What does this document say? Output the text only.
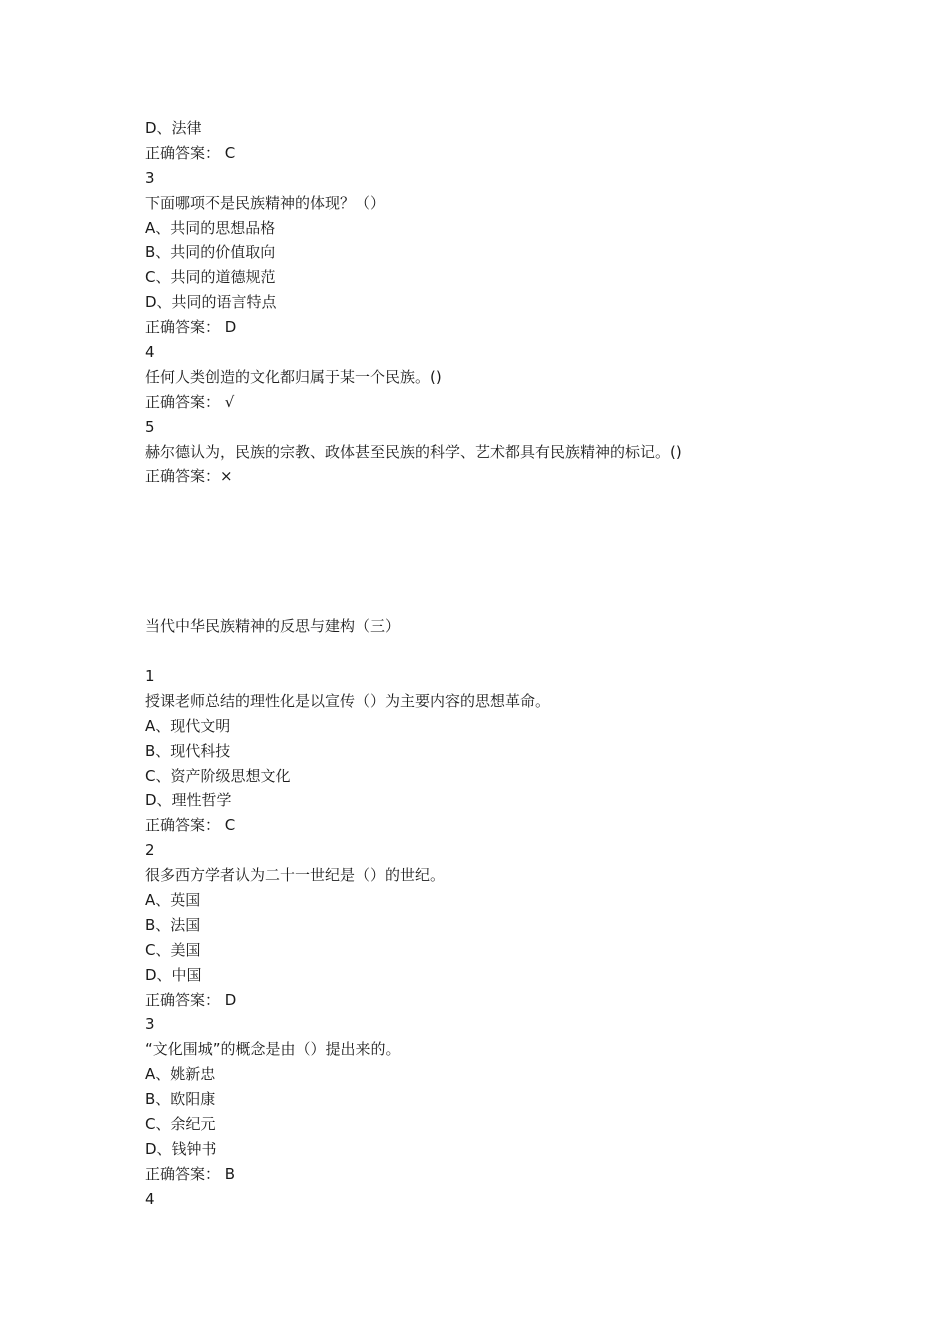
D、法律
正确答案： C
3
下面哪项不是民族精神的体现？（）
A、共同的思想品格
B、共同的价值取向
C、共同的道德规范
D、共同的语言特点
正确答案： D
4
任何人类创造的文化都归属于某一个民族。()
正确答案： √
5
赫尔德认为，民族的宗教、政体甚至民族的科学、艺术都具有民族精神的标记。()
正确答案：×
当代中华民族精神的反思与建构（三）
1
授课老师总结的理性化是以宣传（）为主要内容的思想革命。
A、现代文明
B、现代科技
C、资产阶级思想文化
D、理性哲学
正确答案： C
2
很多西方学者认为二十一世纪是（）的世纪。
A、英国
B、法国
C、美国
D、中国
正确答案： D
3
“文化围城”的概念是由（）提出来的。
A、姚新忠
B、欧阳康
C、余纪元
D、钱钟书
正确答案： B
4
